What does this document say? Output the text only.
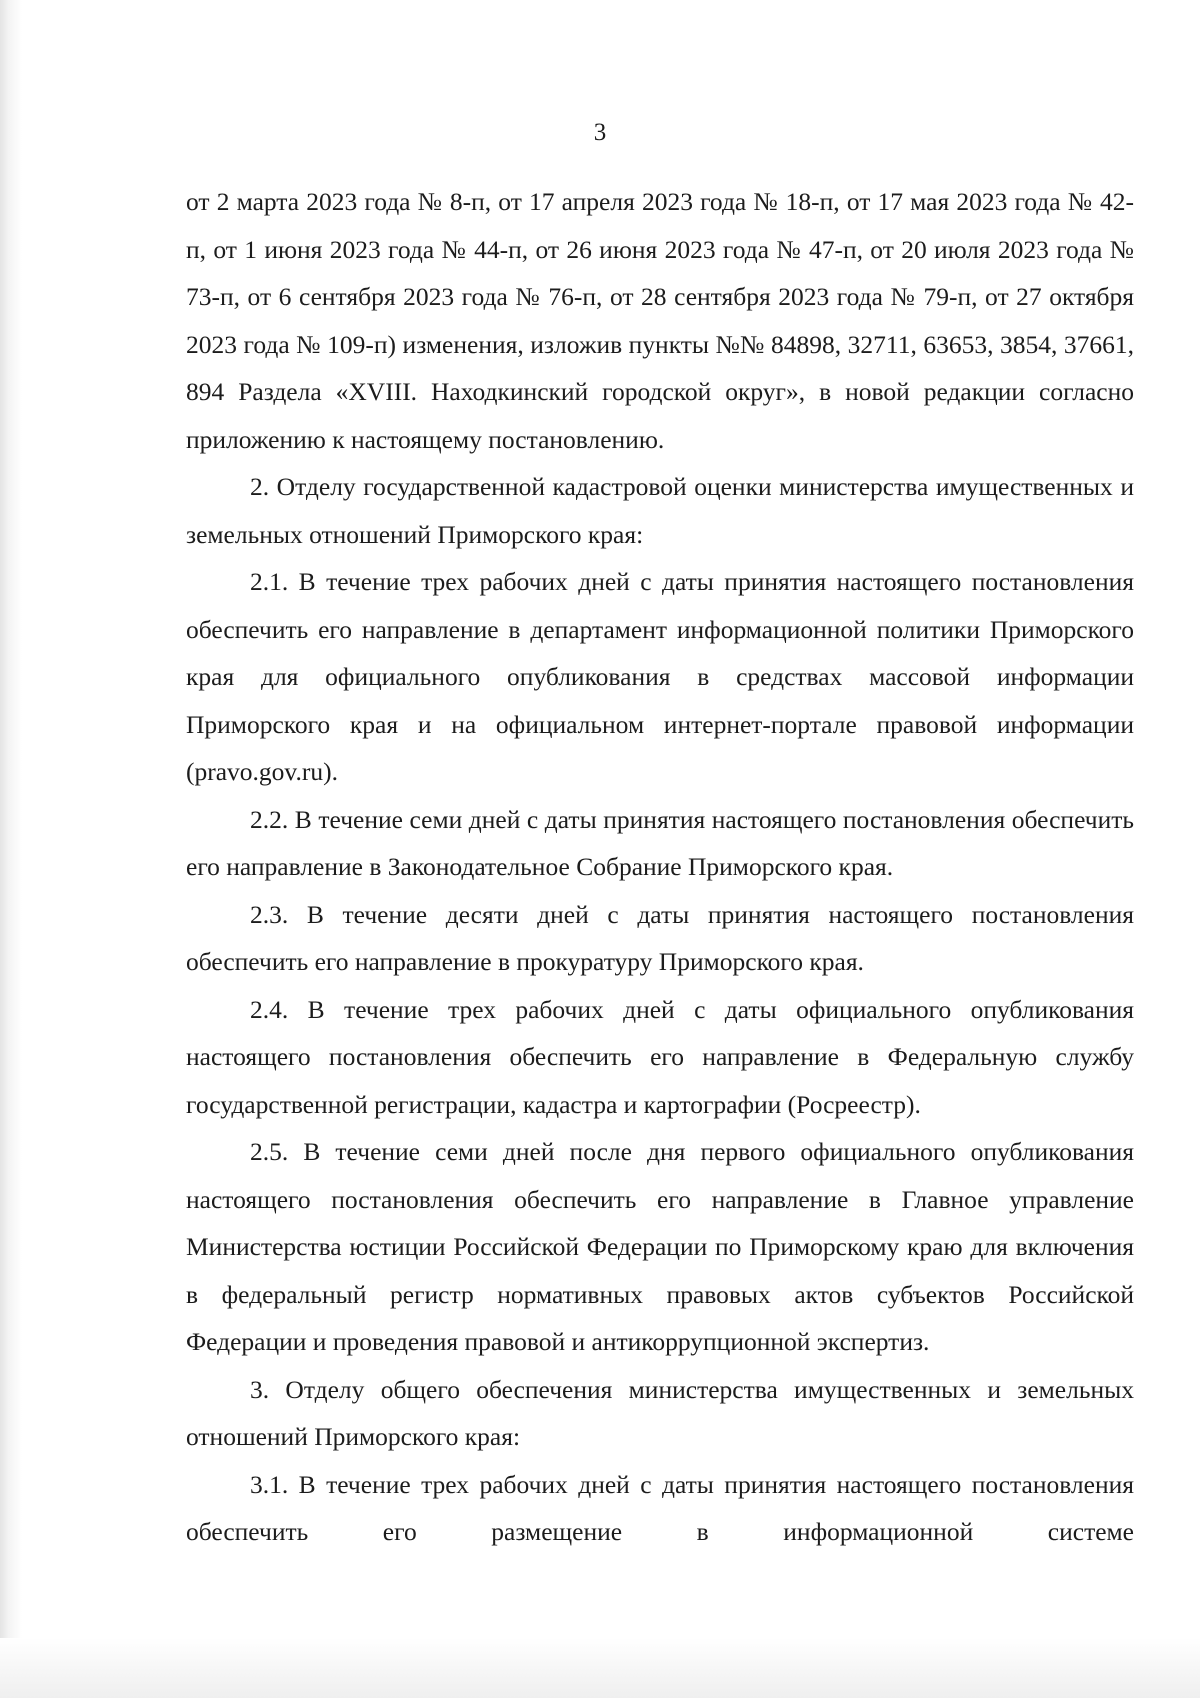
3

от 2 марта 2023 года № 8-п, от 17 апреля 2023 года № 18-п, от 17 мая 2023 года № 42-п, от 1 июня 2023 года № 44-п, от 26 июня 2023 года № 47-п, от 20 июля 2023 года № 73-п, от 6 сентября 2023 года № 76-п, от 28 сентября 2023 года № 79-п, от 27 октября 2023 года № 109-п) изменения, изложив пункты №№ 84898, 32711, 63653, 3854, 37661, 894 Раздела «XVIII. Находкинский городской округ», в новой редакции согласно приложению к настоящему постановлению.

2. Отделу государственной кадастровой оценки министерства имущественных и земельных отношений Приморского края:

2.1. В течение трех рабочих дней с даты принятия настоящего постановления обеспечить его направление в департамент информационной политики Приморского края для официального опубликования в средствах массовой информации Приморского края и на официальном интернет-портале правовой информации (pravo.gov.ru).

2.2. В течение семи дней с даты принятия настоящего постановления обеспечить его направление в Законодательное Собрание Приморского края.

2.3. В течение десяти дней с даты принятия настоящего постановления обеспечить его направление в прокуратуру Приморского края.

2.4. В течение трех рабочих дней с даты официального опубликования настоящего постановления обеспечить его направление в Федеральную службу государственной регистрации, кадастра и картографии (Росреестр).

2.5. В течение семи дней после дня первого официального опубликования настоящего постановления обеспечить его направление в Главное управление Министерства юстиции Российской Федерации по Приморскому краю для включения в федеральный регистр нормативных правовых актов субъектов Российской Федерации и проведения правовой и антикоррупционной экспертиз.

3. Отделу общего обеспечения министерства имущественных и земельных отношений Приморского края:

3.1. В течение трех рабочих дней с даты принятия настоящего постановления обеспечить его размещение в информационной системе
